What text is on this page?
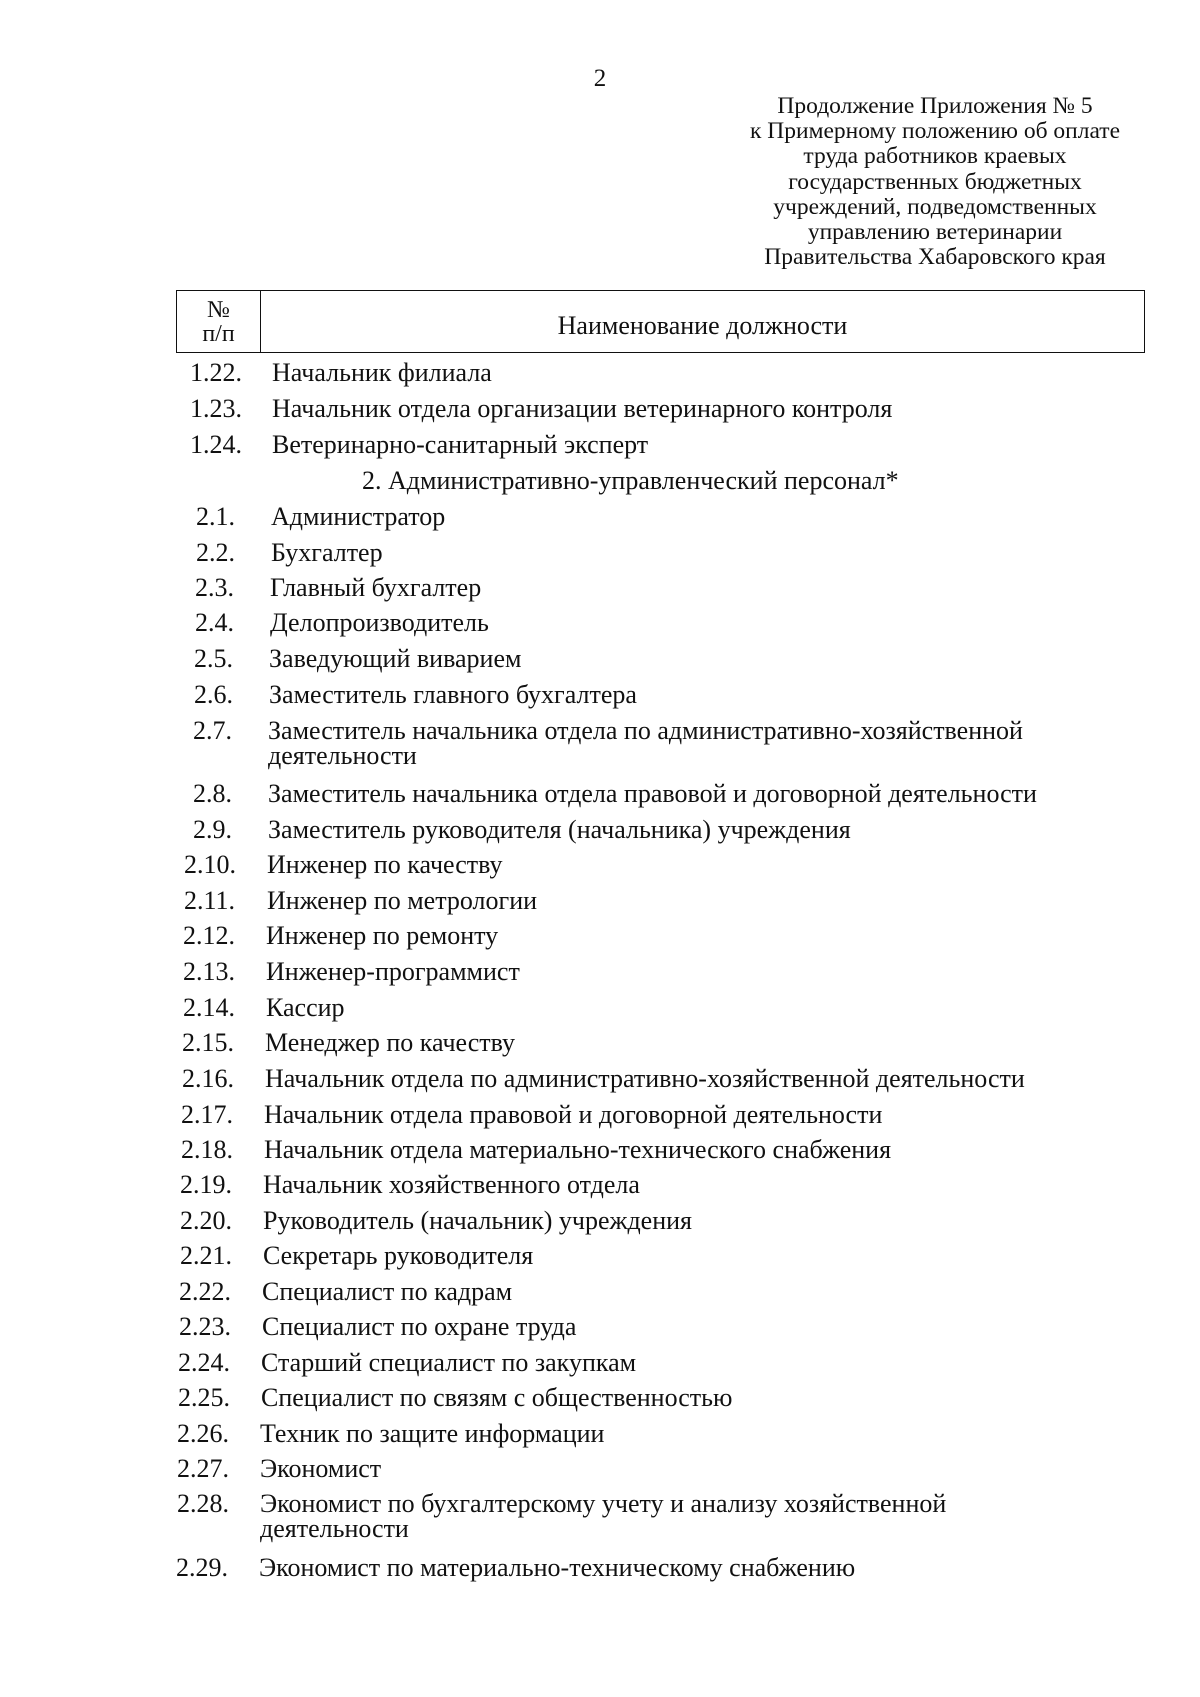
2
Продолжение Приложения № 5
к Примерному положению об оплате
труда работников краевых
государственных бюджетных
учреждений, подведомственных
управлению ветеринарии
Правительства Хабаровского края
№
п/п	Наименование должности
1.22. Начальник филиала
1.23. Начальник отдела организации ветеринарного контроля
1.24. Ветеринарно-санитарный эксперт
2. Административно-управленческий персонал*
2.1. Администратор
2.2. Бухгалтер
2.3. Главный бухгалтер
2.4. Делопроизводитель
2.5. Заведующий виварием
2.6. Заместитель главного бухгалтера
2.7. Заместитель начальника отдела по административно-хозяйственной
деятельности
2.8. Заместитель начальника отдела правовой и договорной деятельности
2.9. Заместитель руководителя (начальника) учреждения
2.10. Инженер по качеству
2.11. Инженер по метрологии
2.12. Инженер по ремонту
2.13. Инженер-программист
2.14. Кассир
2.15. Менеджер по качеству
2.16. Начальник отдела по административно-хозяйственной деятельности
2.17. Начальник отдела правовой и договорной деятельности
2.18. Начальник отдела материально-технического снабжения
2.19. Начальник хозяйственного отдела
2.20. Руководитель (начальник) учреждения
2.21. Секретарь руководителя
2.22. Специалист по кадрам
2.23. Специалист по охране труда
2.24. Старший специалист по закупкам
2.25. Специалист по связям с общественностью
2.26. Техник по защите информации
2.27. Экономист
2.28. Экономист по бухгалтерскому учету и анализу хозяйственной
деятельности
2.29. Экономист по материально-техническому снабжению
